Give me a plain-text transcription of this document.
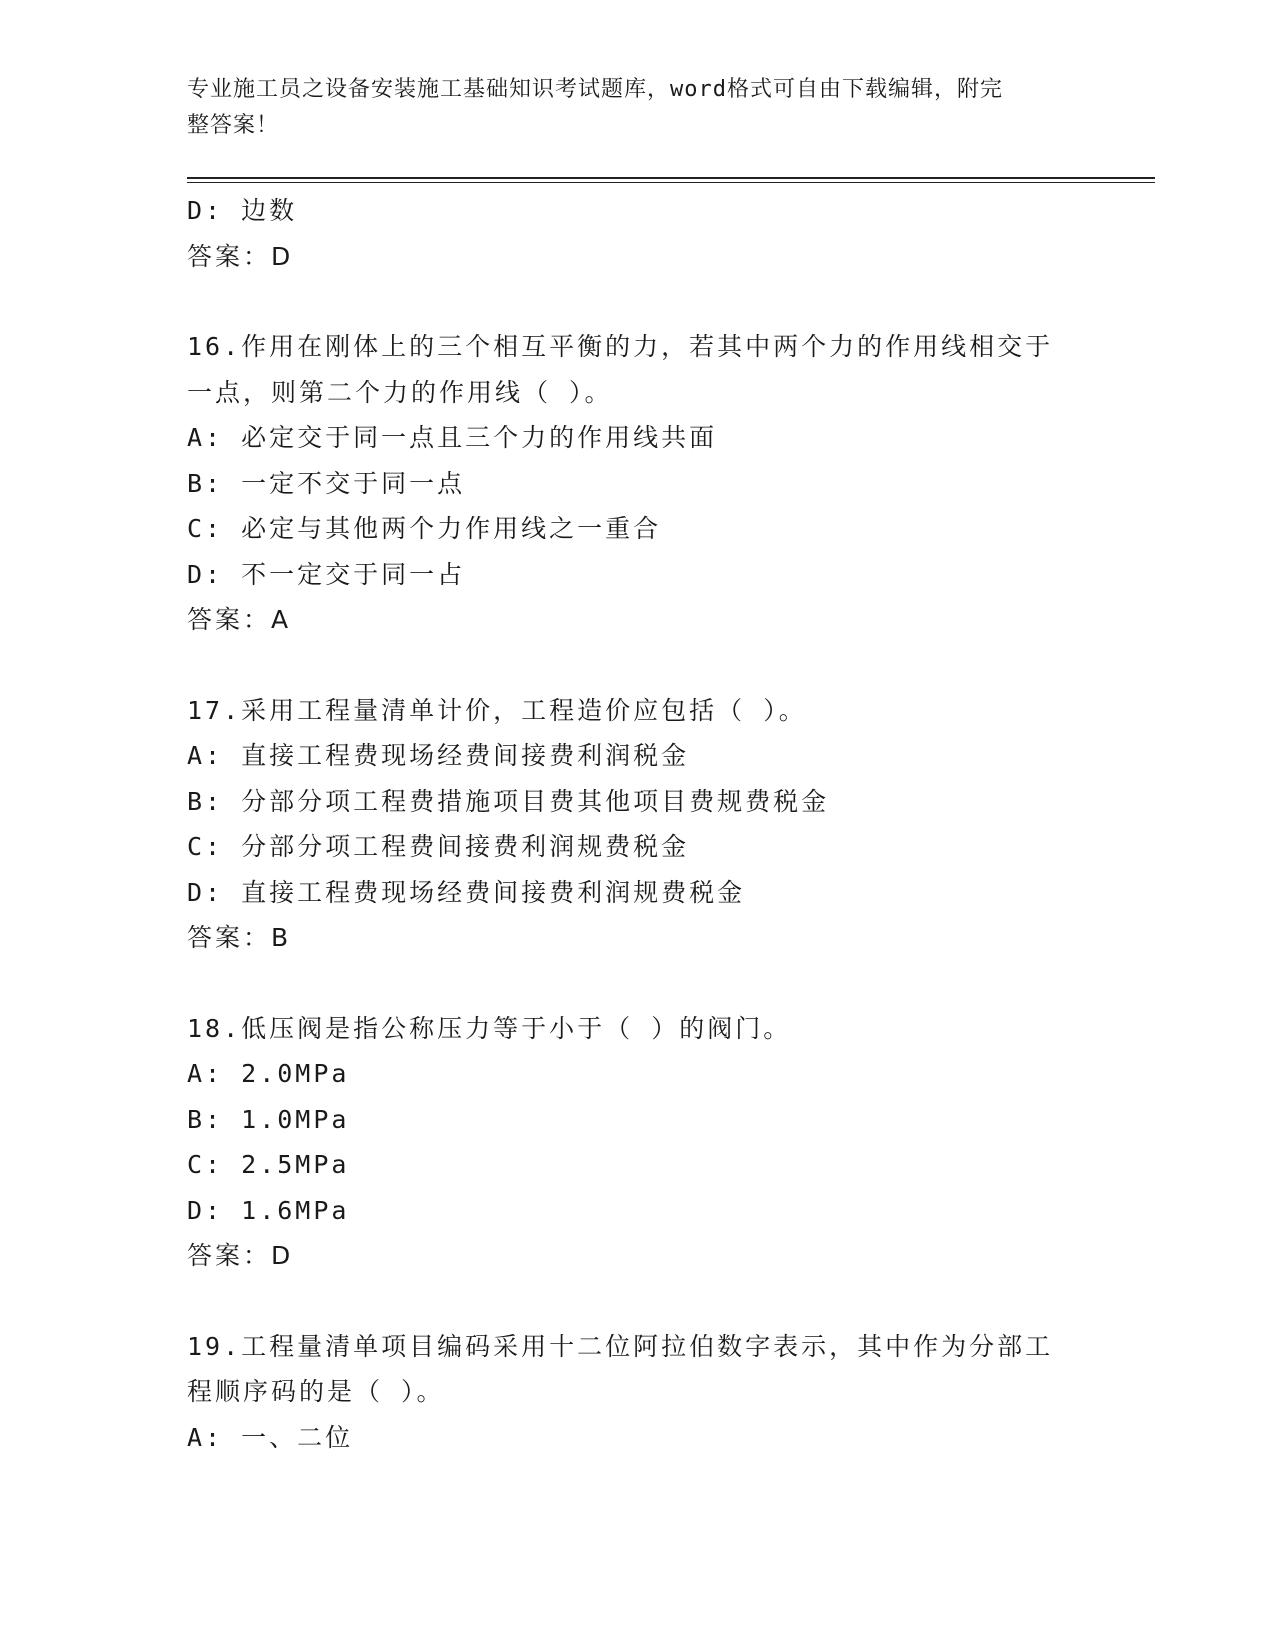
专业施工员之设备安装施工基础知识考试题库，word格式可自由下载编辑，附完
整答案！
D: 边数
答案：D
16.作用在刚体上的三个相互平衡的力，若其中两个力的作用线相交于
一点，则第二个力的作用线（ ）。
A: 必定交于同一点且三个力的作用线共面
B: 一定不交于同一点
C: 必定与其他两个力作用线之一重合
D: 不一定交于同一占
答案：A
17.采用工程量清单计价，工程造价应包括（ ）。
A: 直接工程费现场经费间接费利润税金
B: 分部分项工程费措施项目费其他项目费规费税金
C: 分部分项工程费间接费利润规费税金
D: 直接工程费现场经费间接费利润规费税金
答案：B
18.低压阀是指公称压力等于小于（ ）的阀门。
A: 2.0MPa
B: 1.0MPa
C: 2.5MPa
D: 1.6MPa
答案：D
19.工程量清单项目编码采用十二位阿拉伯数字表示，其中作为分部工
程顺序码的是（ ）。
A: 一、二位
